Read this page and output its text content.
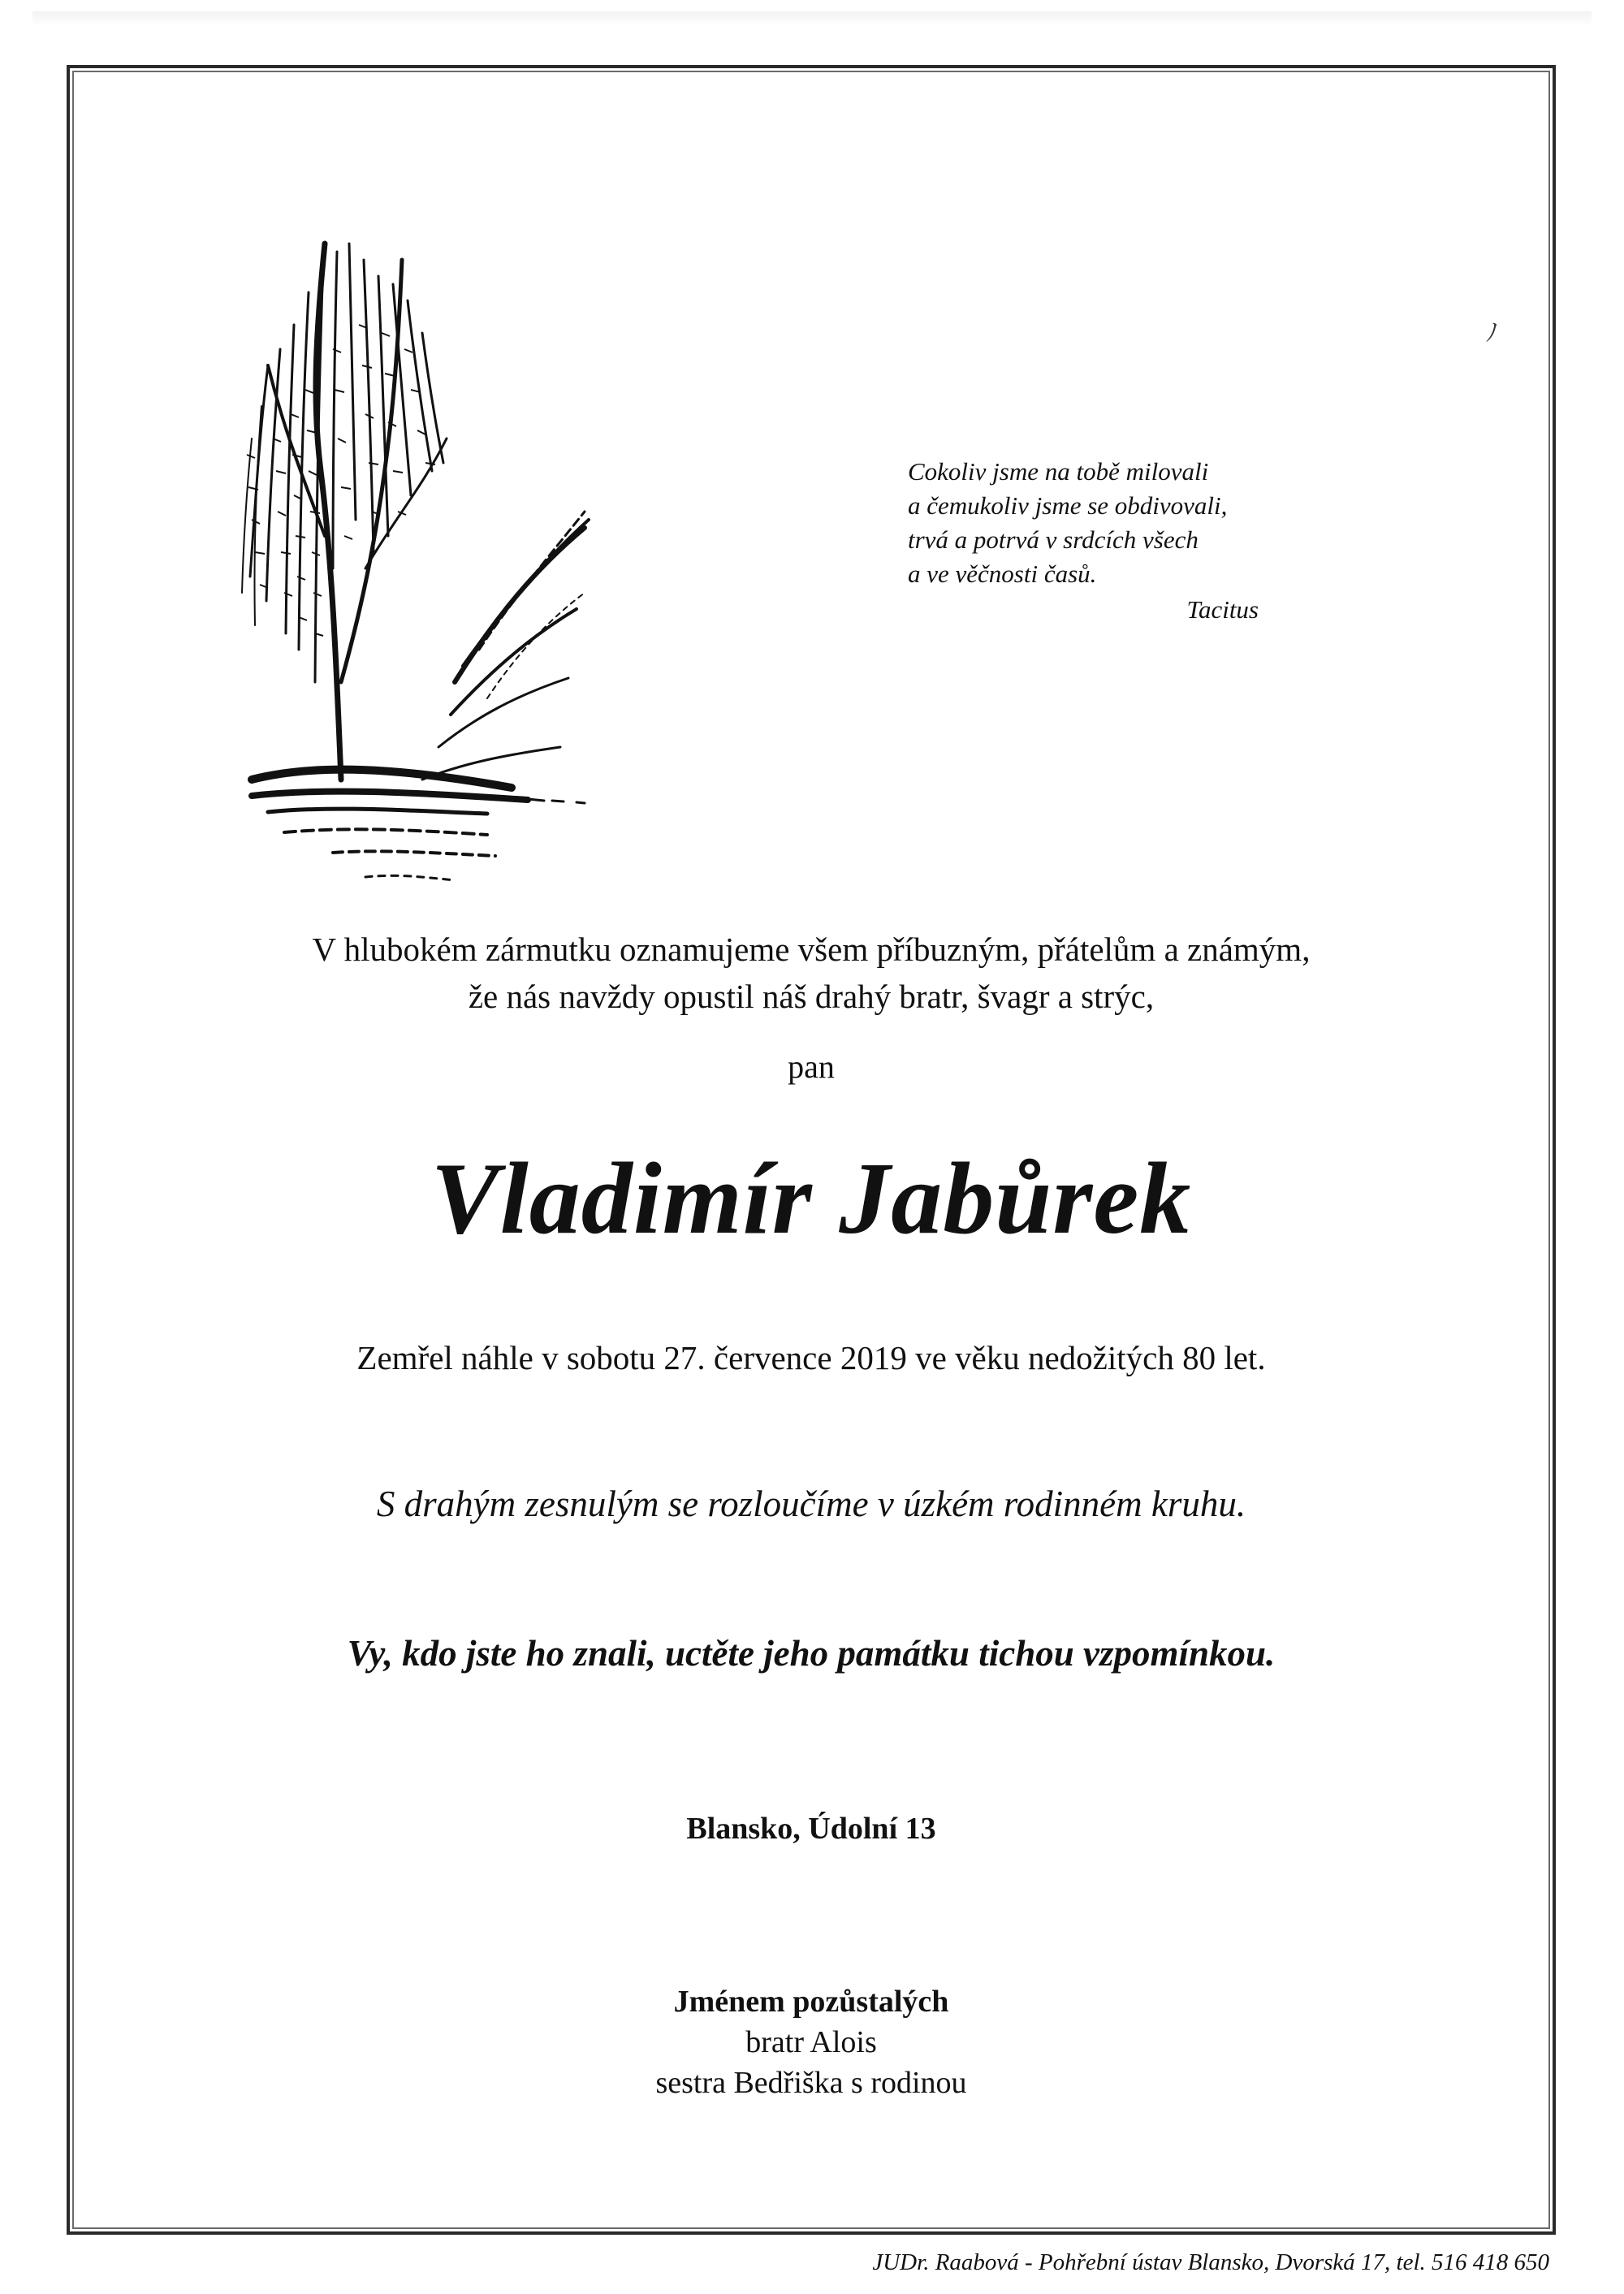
ﾉ
Cokoliv jsme na tobě milovali
a čemukoliv jsme se obdivovali,
trvá a potrvá v srdcích všech
a ve věčnosti časů.
Tacitus
V hlubokém zármutku oznamujeme všem příbuzným, přátelům a známým,
že nás navždy opustil náš drahý bratr, švagr a strýc,
pan
Vladimír Jabůrek
Zemřel náhle v sobotu 27. července 2019 ve věku nedožitých 80 let.
S drahým zesnulým se rozloučíme v úzkém rodinném kruhu.
Vy, kdo jste ho znali, uctěte jeho památku tichou vzpomínkou.
Blansko, Údolní 13
Jménem pozůstalých
bratr Alois
sestra Bedřiška s rodinou
JUDr. Raabová - Pohřební ústav Blansko, Dvorská 17, tel. 516 418 650
